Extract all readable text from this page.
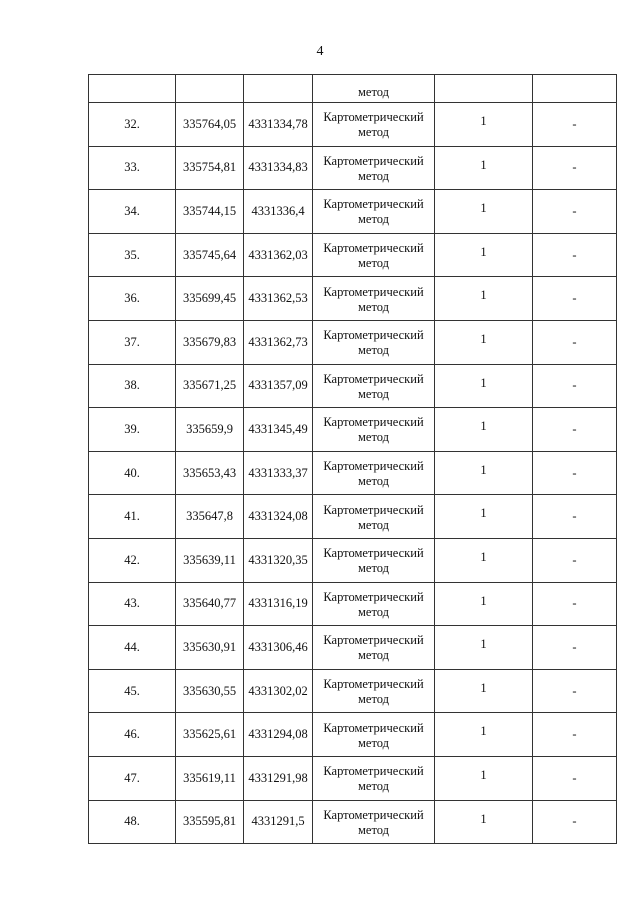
4
			метод		
32.	335764,05	4331334,78	Картометрический метод	1	-
33.	335754,81	4331334,83	Картометрический метод	1	-
34.	335744,15	4331336,4	Картометрический метод	1	-
35.	335745,64	4331362,03	Картометрический метод	1	-
36.	335699,45	4331362,53	Картометрический метод	1	-
37.	335679,83	4331362,73	Картометрический метод	1	-
38.	335671,25	4331357,09	Картометрический метод	1	-
39.	335659,9	4331345,49	Картометрический метод	1	-
40.	335653,43	4331333,37	Картометрический метод	1	-
41.	335647,8	4331324,08	Картометрический метод	1	-
42.	335639,11	4331320,35	Картометрический метод	1	-
43.	335640,77	4331316,19	Картометрический метод	1	-
44.	335630,91	4331306,46	Картометрический метод	1	-
45.	335630,55	4331302,02	Картометрический метод	1	-
46.	335625,61	4331294,08	Картометрический метод	1	-
47.	335619,11	4331291,98	Картометрический метод	1	-
48.	335595,81	4331291,5	Картометрический метод	1	-
